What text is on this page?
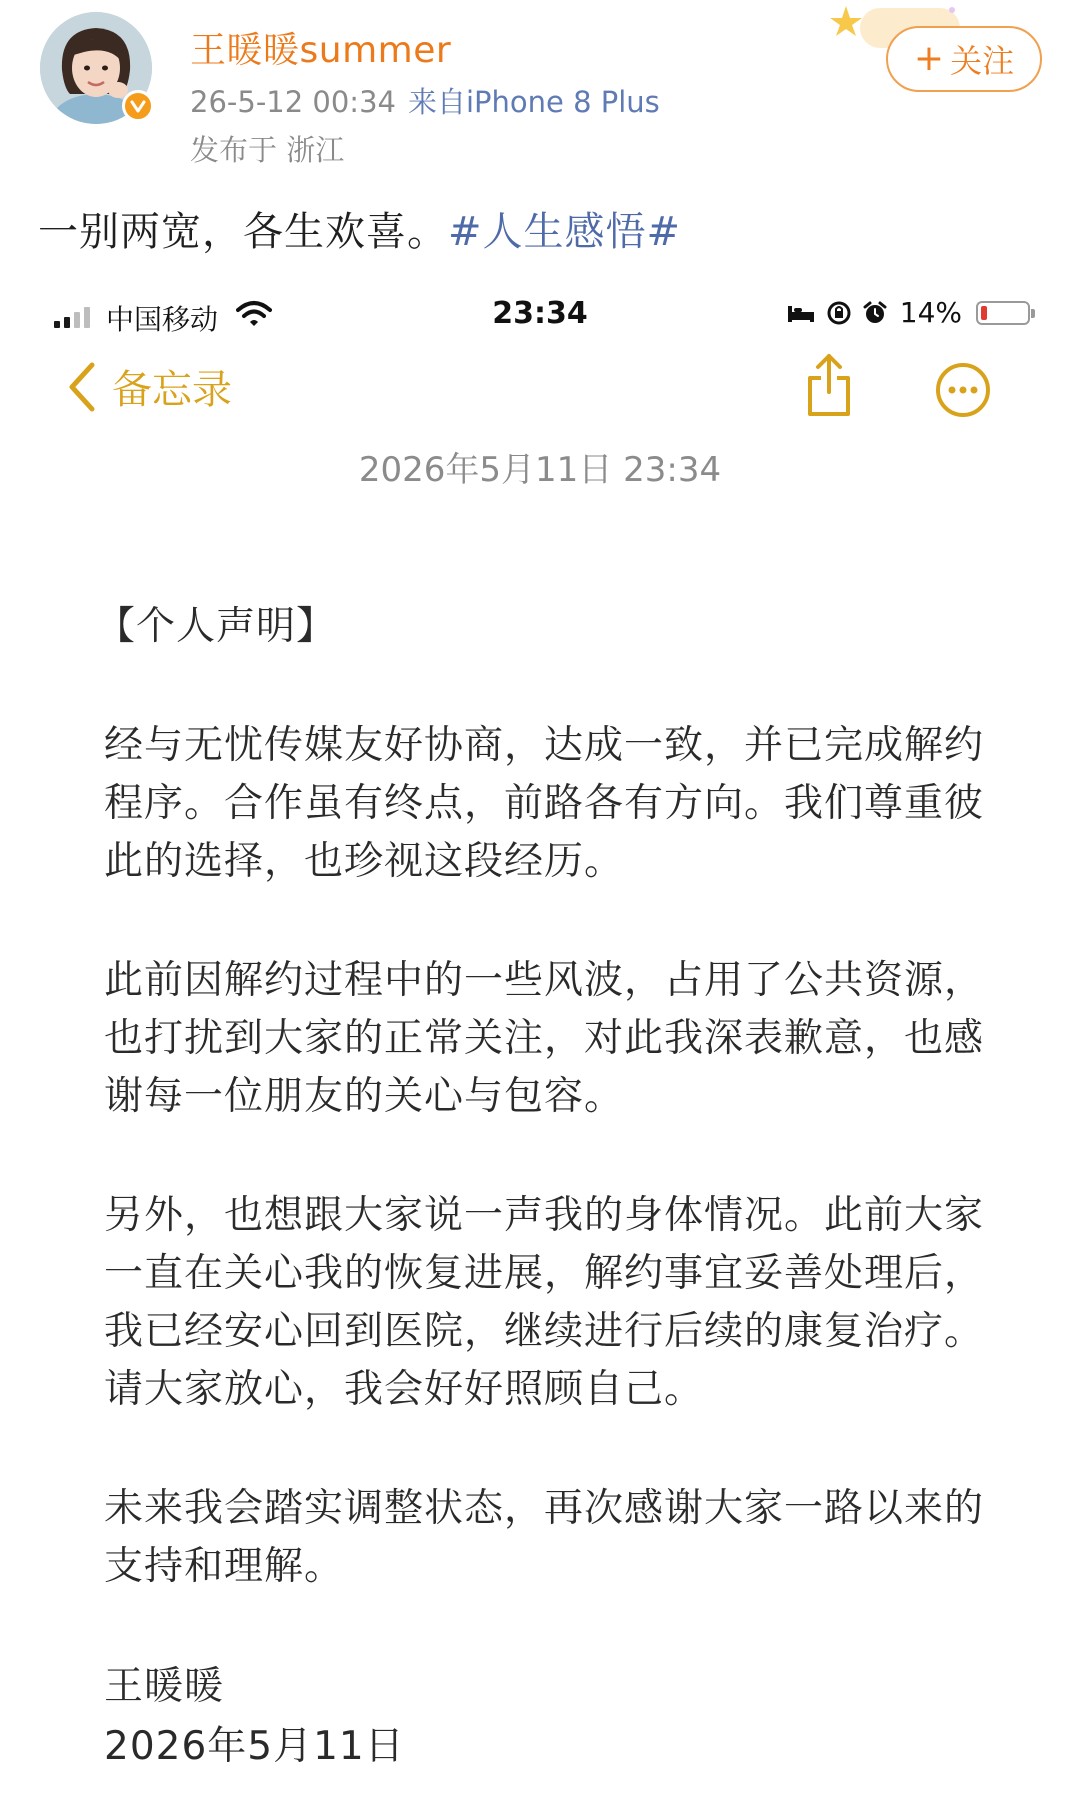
王暖暖summer
26-5-12 00:34 来自iPhone 8 Plus
发布于 浙江
+ 关注
一别两宽，各生欢喜。#人生感悟#
中国移动	23:34	14%
备忘录
2026年5月11日 23:34
【个人声明】
经与无忧传媒友好协商，达成一致，并已完成解约程序。合作虽有终点，前路各有方向。我们尊重彼此的选择，也珍视这段经历。
此前因解约过程中的一些风波，占用了公共资源，也打扰到大家的正常关注，对此我深表歉意，也感谢每一位朋友的关心与包容。
另外，也想跟大家说一声我的身体情况。此前大家一直在关心我的恢复进展，解约事宜妥善处理后，我已经安心回到医院，继续进行后续的康复治疗。请大家放心，我会好好照顾自己。
未来我会踏实调整状态，再次感谢大家一路以来的支持和理解。
王暖暖
2026年5月11日
